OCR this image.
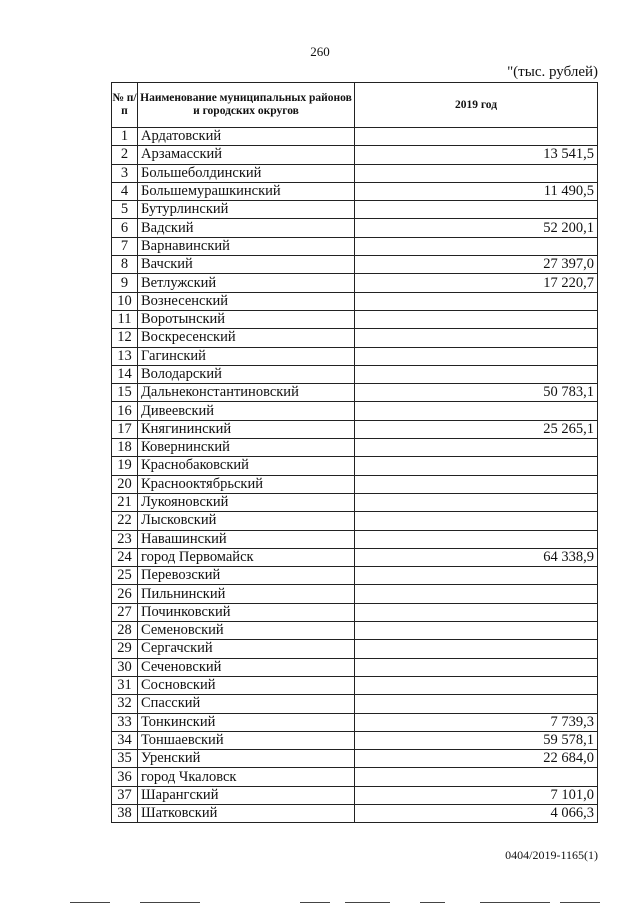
260
"(тыс. рублей)
№ п/п	Наименование муниципальных районов и городских округов	2019 год
1	Ардатовский	
2	Арзамасский	13 541,5
3	Большеболдинский	
4	Большемурашкинский	11 490,5
5	Бутурлинский	
6	Вадский	52 200,1
7	Варнавинский	
8	Вачский	27 397,0
9	Ветлужский	17 220,7
10	Вознесенский	
11	Воротынский	
12	Воскресенский	
13	Гагинский	
14	Володарский	
15	Дальнеконстантиновский	50 783,1
16	Дивеевский	
17	Княгининский	25 265,1
18	Ковернинский	
19	Краснобаковский	
20	Краснооктябрьский	
21	Лукояновский	
22	Лысковский	
23	Навашинский	
24	город Первомайск	64 338,9
25	Перевозский	
26	Пильнинский	
27	Починковский	
28	Семеновский	
29	Сергачский	
30	Сеченовский	
31	Сосновский	
32	Спасский	
33	Тонкинский	7 739,3
34	Тоншаевский	59 578,1
35	Уренский	22 684,0
36	город Чкаловск	
37	Шарангский	7 101,0
38	Шатковский	4 066,3
0404/2019-1165(1)
